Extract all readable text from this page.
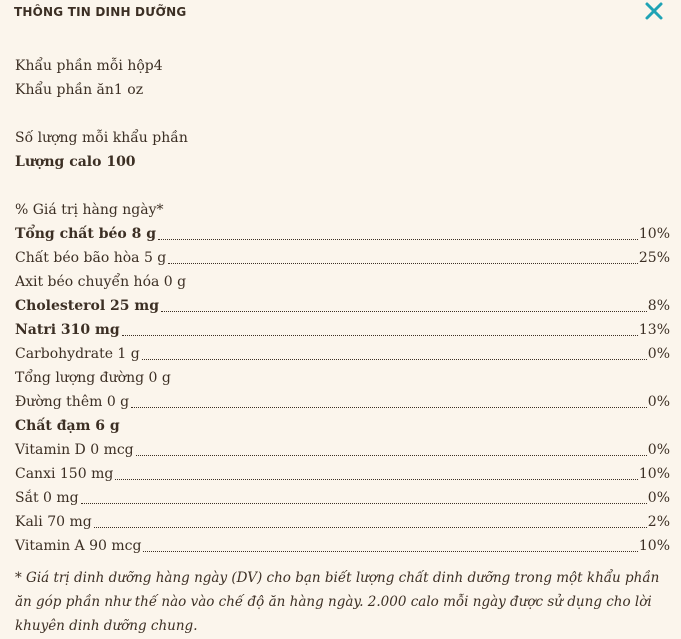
THÔNG TIN DINH DƯỠNG
Khẩu phần mỗi hộp4
Khẩu phần ăn1 oz
Số lượng mỗi khẩu phần
Lượng calo 100
% Giá trị hàng ngày*
Tổng chất béo 8 g	10%
Chất béo bão hòa 5 g	25%
Axit béo chuyển hóa 0 g
Cholesterol 25 mg	8%
Natri 310 mg	13%
Carbohydrate 1 g	0%
Tổng lượng đường 0 g
Đường thêm 0 g	0%
Chất đạm 6 g
Vitamin D 0 mcg	0%
Canxi 150 mg	10%
Sắt 0 mg	0%
Kali 70 mg	2%
Vitamin A 90 mcg	10%
* Giá trị dinh dưỡng hàng ngày (DV) cho bạn biết lượng chất dinh dưỡng trong một khẩu phần ăn góp phần như thế nào vào chế độ ăn hàng ngày. 2.000 calo mỗi ngày được sử dụng cho lời khuyên dinh dưỡng chung.
